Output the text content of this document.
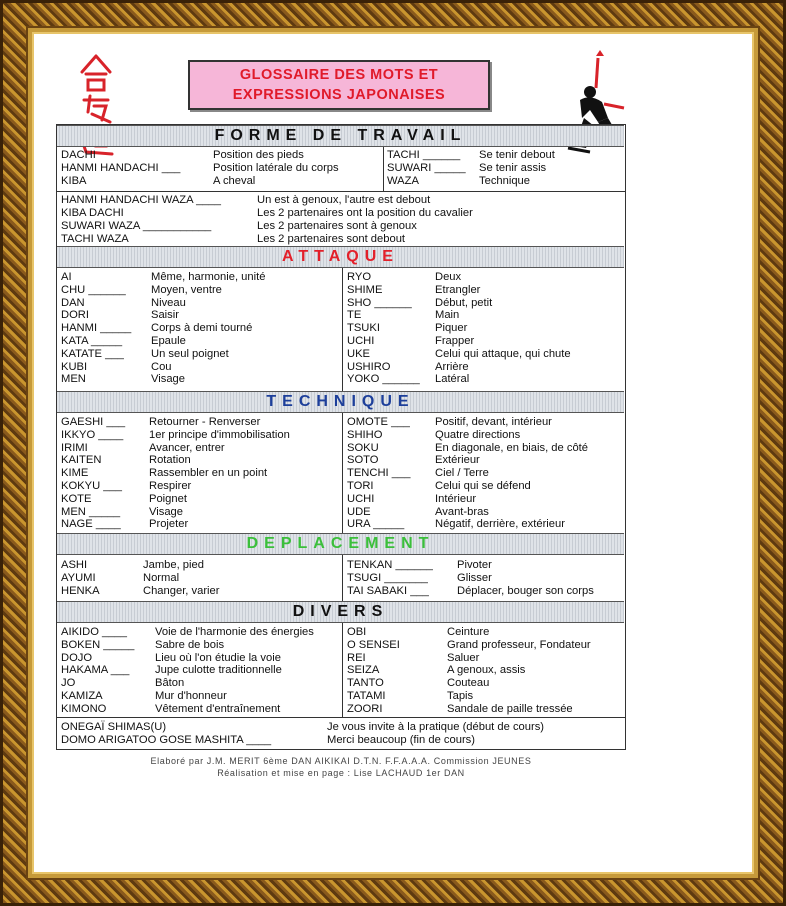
GLOSSAIRE DES MOTS ET
EXPRESSIONS JAPONAISES
FORME DE TRAVAIL
DACHI	Position des pieds
HANMI HANDACHI ___	Position latérale du corps
KIBA	A cheval
TACHI ______ Se tenir debout
SUWARI _____ Se tenir assis
WAZA	Technique
HANMI HANDACHI WAZA ____	Un est à genoux, l'autre est debout
KIBA DACHI	Les 2 partenaires ont la position du cavalier
SUWARI WAZA ___________	Les 2 partenaires sont à genoux
TACHI WAZA	Les 2 partenaires sont debout
ATTAQUE
AI	Même, harmonie, unité
CHU ______ Moyen, ventre
DAN	Niveau
DORI	Saisir
HANMI _____ Corps à demi tourné
KATA _____	Epaule
KATATE ___ Un seul poignet
KUBI	Cou
MEN	Visage
RYO	Deux
SHIME	Etrangler
SHO ______ Début, petit
TE	Main
TSUKI	Piquer
UCHI	Frapper
UKE	Celui qui attaque, qui chute
USHIRO	Arrière
YOKO ______ Latéral
TECHNIQUE
GAESHI ___ Retourner - Renverser
IKKYO ____ 1er principe d'immobilisation
IRIMI	Avancer, entrer
KAITEN	Rotation
KIME	Rassembler en un point
KOKYU ___ Respirer
KOTE	Poignet
MEN _____	Visage
NAGE ____	Projeter
OMOTE ___ Positif, devant, intérieur
SHIHO	Quatre directions
SOKU	En diagonale, en biais, de côté
SOTO	Extérieur
TENCHI ___ Ciel / Terre
TORI	Celui qui se défend
UCHI	Intérieur
UDE	Avant-bras
URA _____	Négatif, derrière, extérieur
DEPLACEMENT
ASHI	Jambe, pied
AYUMI	Normal
HENKA	Changer, varier
TENKAN ______ Pivoter
TSUGI _______	Glisser
TAI SABAKI ___	Déplacer, bouger son corps
DIVERS
AIKIDO ____	Voie de l'harmonie des énergies
BOKEN _____ Sabre de bois
DOJO	Lieu où l'on étudie la voie
HAKAMA ___ Jupe culotte traditionnelle
JO	Bâton
KAMIZA	Mur d'honneur
KIMONO	Vêtement d'entraînement
OBI	Ceinture
O SENSEI	Grand professeur, Fondateur
REI	Saluer
SEIZA	A genoux, assis
TANTO	Couteau
TATAMI	Tapis
ZOORI	Sandale de paille tressée
ONEGAÏ SHIMAS(U)	Je vous invite à la pratique (début de cours)
DOMO ARIGATOO GOSE MASHITA ____	Merci beaucoup (fin de cours)
Elaboré par J.M. MERIT 6ème DAN AIKIKAI D.T.N. F.F.A.A.A. Commission JEUNES
Réalisation et mise en page : Lise LACHAUD 1er DAN
